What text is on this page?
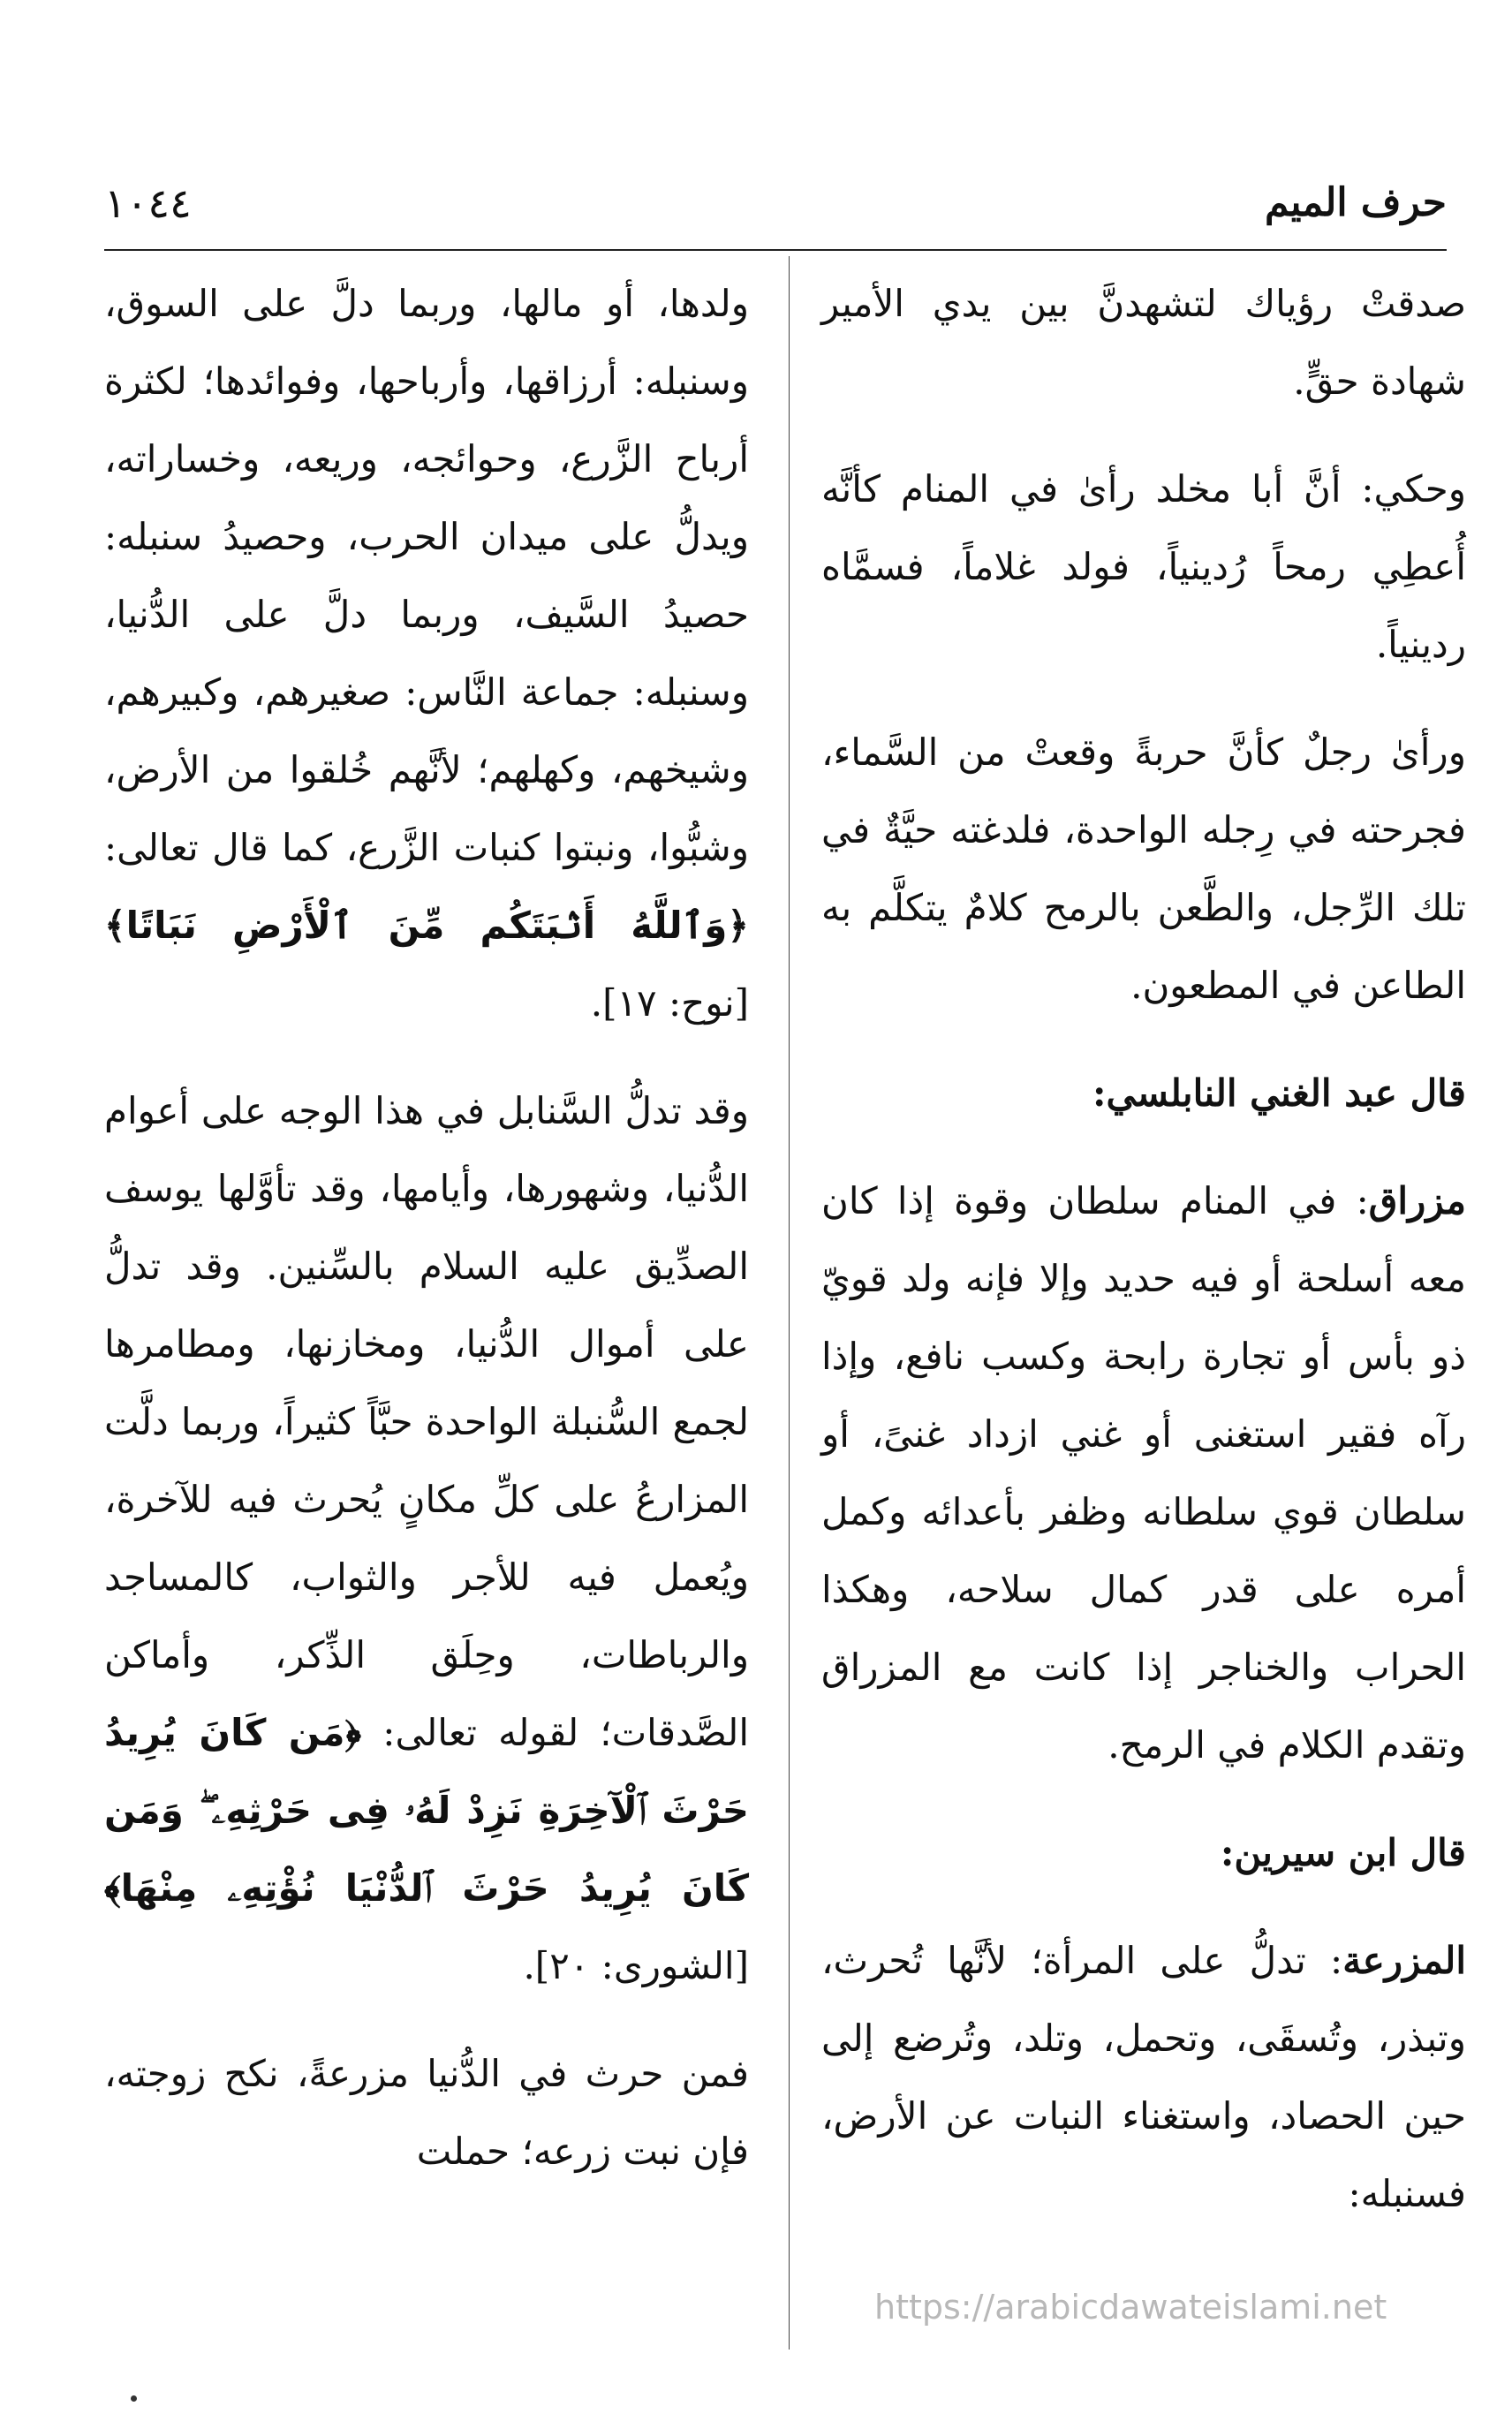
١٠٤٤	حرف الميم

صدقتْ رؤياك لتشهدنَّ بين يدي الأمير شهادة حقٍّ.

وحكي: أنَّ أبا مخلد رأىٰ في المنام كأنَّه أُعطِي رمحاً رُدينياً، فولد غلاماً، فسمَّاه ردينياً.

ورأىٰ رجلٌ كأنَّ حربةً وقعتْ من السَّماء، فجرحته في رِجله الواحدة، فلدغته حيَّةٌ في تلك الرِّجل، والطَّعن بالرمح كلامٌ يتكلَّم به الطاعن في المطعون.

قال عبد الغني النابلسي:

مزراق: في المنام سلطان وقوة إذا كان معه أسلحة أو فيه حديد وإلا فإنه ولد قويّ ذو بأس أو تجارة رابحة وكسب نافع، وإذا رآه فقير استغنى أو غني ازداد غنىً، أو سلطان قوي سلطانه وظفر بأعدائه وكمل أمره على قدر كمال سلاحه، وهكذا الحراب والخناجر إذا كانت مع المزراق وتقدم الكلام في الرمح.

قال ابن سيرين:

المزرعة: تدلُّ على المرأة؛ لأنَّها تُحرث، وتبذر، وتُسقَى، وتحمل، وتلد، وتُرضع إلى حين الحصاد، واستغناء النبات عن الأرض، فسنبله:

ولدها، أو مالها، وربما دلَّ على السوق، وسنبله: أرزاقها، وأرباحها، وفوائدها؛ لكثرة أرباح الزَّرع، وحوائجه، وريعه، وخساراته، ويدلُّ على ميدان الحرب، وحصيدُ سنبله: حصيدُ السَّيف، وربما دلَّ على الدُّنيا، وسنبله: جماعة النَّاس: صغيرهم، وكبيرهم، وشيخهم، وكهلهم؛ لأنَّهم خُلقوا من الأرض، وشبُّوا، ونبتوا كنبات الزَّرع، كما قال تعالى: ﴿وَٱللَّهُ أَنۢبَتَكُم مِّنَ ٱلْأَرْضِ نَبَاتًا﴾ [نوح: ١٧].

وقد تدلُّ السَّنابل في هذا الوجه على أعوام الدُّنيا، وشهورها، وأيامها، وقد تأوَّلها يوسف الصدِّيق عليه السلام بالسِّنين. وقد تدلُّ على أموال الدُّنيا، ومخازنها، ومطامرها لجمع السُّنبلة الواحدة حبَّاً كثيراً، وربما دلَّت المزارعُ على كلِّ مكانٍ يُحرث فيه للآخرة، ويُعمل فيه للأجر والثواب، كالمساجد والرباطات، وحِلَق الذِّكر، وأماكن الصَّدقات؛ لقوله تعالى: ﴿مَن كَانَ يُرِيدُ حَرْثَ ٱلْآخِرَةِ نَزِدْ لَهُۥ فِى حَرْثِهِۦ ۖ وَمَن كَانَ يُرِيدُ حَرْثَ ٱلدُّنْيَا نُؤْتِهِۦ مِنْهَا﴾ [الشورى: ٢٠].

فمن حرث في الدُّنيا مزرعةً، نكح زوجته، فإن نبت زرعه؛ حملت

https://arabicdawateislami.net
